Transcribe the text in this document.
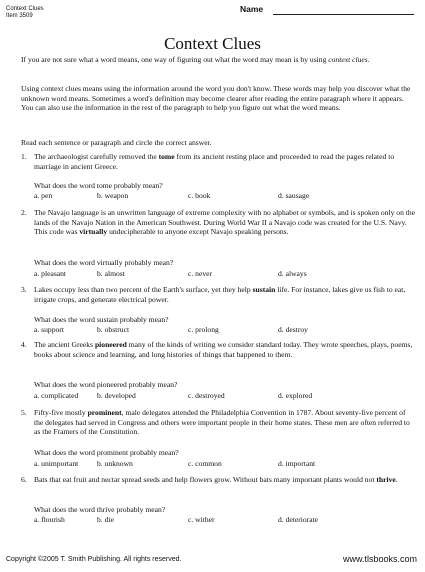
Context Clues
Item 3509
Name
Context Clues
If you are not sure what a word means, one way of figuring out what the word may mean is by using context clues.
Using context clues means using the information around the word you don't know. These words may help you discover what the unknown word means. Sometimes a word's definition may become clearer after reading the entire paragraph where it appears. You can also use the information in the rest of the paragraph to help you figure out what the word means.
Read each sentence or paragraph and circle the correct answer.
1. The archaeologist carefully removed the tome from its ancient resting place and proceeded to read the pages related to marriage in ancient Greece.
What does the word tome probably mean?
a. pen	b. weapon	c. book	d. sausage
2. The Navajo language is an unwritten language of extreme complexity with no alphabet or symbols, and is spoken only on the lands of the Navajo Nation in the American Southwest. During World War II a Navajo code was created for the U.S. Navy. This code was virtually undecipherable to anyone except Navajo speaking persons.
What does the word virtually probably mean?
a. pleasant	b. almost	c. never	d. always
3. Lakes occupy less than two percent of the Earth's surface, yet they help sustain life. For instance, lakes give us fish to eat, irrigate crops, and generate electrical power.
What does the word sustain probably mean?
a. support	b. obstruct	c. prolong	d. destroy
4. The ancient Greeks pioneered many of the kinds of writing we consider standard today. They wrote speeches, plays, poems, books about science and learning, and long histories of things that happened to them.
What does the word pioneered probably mean?
a. complicated b. developed	c. destroyed	d. explored
5. Fifty-five mostly prominent, male delegates attended the Philadelphia Convention in 1787. About seventy-five percent of the delegates had served in Congress and others were important people in their home states. These men are often referred to as the Framers of the Constitution.
What does the word prominent probably mean?
a. unimportant b. unknown	c. common	d. important
6. Bats that eat fruit and nectar spread seeds and help flowers grow. Without bats many important plants would not thrive.
What does the word thrive probably mean?
a. flourish	b. die	c. wither	d. deteriorate
Copyright ©2005 T. Smith Publishing. All rights reserved.	www.tlsbooks.com
